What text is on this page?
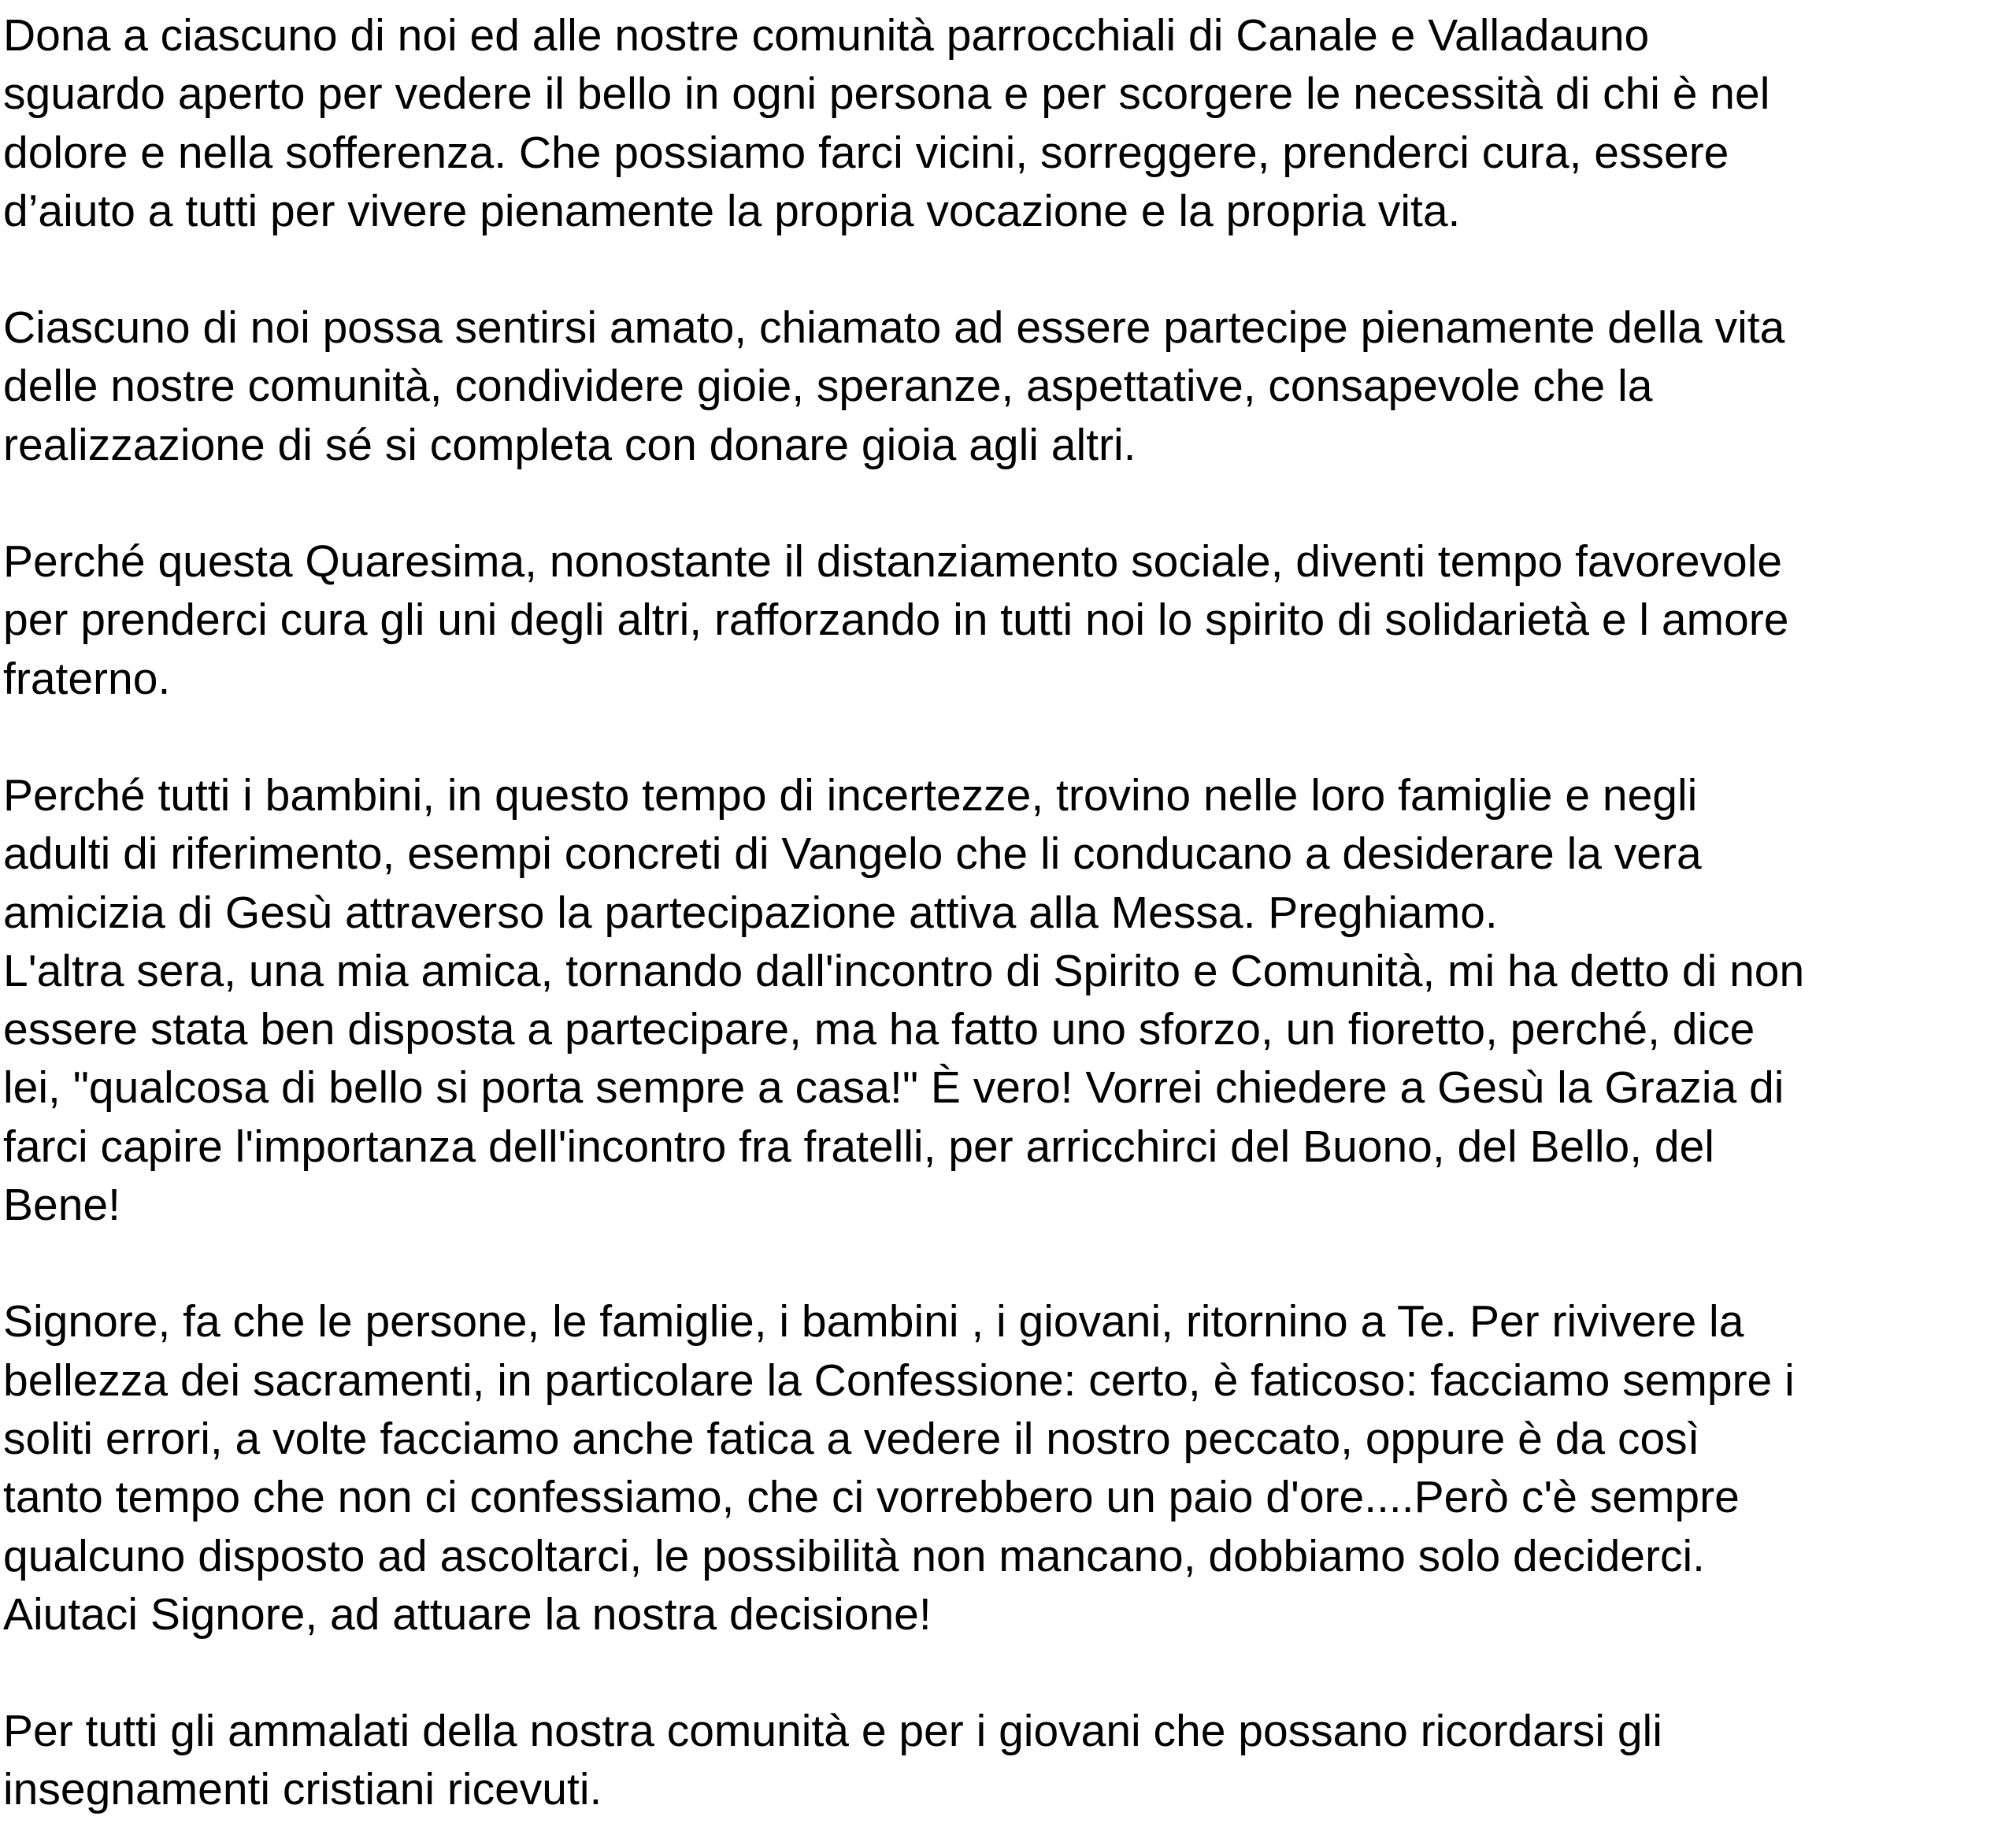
Dona a ciascuno di noi ed alle nostre comunità parrocchiali di Canale e Valladauno
sguardo aperto per vedere il bello in ogni persona e per scorgere le necessità di chi è nel
dolore e nella sofferenza. Che possiamo farci vicini, sorreggere, prenderci cura, essere
d’aiuto a tutti per vivere pienamente la propria vocazione e la propria vita.
Ciascuno di noi possa sentirsi amato, chiamato ad essere partecipe pienamente della vita
delle nostre comunità, condividere gioie, speranze, aspettative, consapevole che la
realizzazione di sé si completa con donare gioia agli altri.
Perché questa Quaresima, nonostante il distanziamento sociale, diventi tempo favorevole
per prenderci cura gli uni degli altri, rafforzando in tutti noi lo spirito di solidarietà e l amore
fraterno.
Perché tutti i bambini, in questo tempo di incertezze, trovino nelle loro famiglie e negli
adulti di riferimento, esempi concreti di Vangelo che li conducano a desiderare la vera
amicizia di Gesù attraverso la partecipazione attiva alla Messa. Preghiamo.
L'altra sera, una mia amica, tornando dall'incontro di Spirito e Comunità, mi ha detto di non
essere stata ben disposta a partecipare, ma ha fatto uno sforzo, un fioretto, perché, dice
lei, "qualcosa di bello si porta sempre a casa!" È vero! Vorrei chiedere a Gesù la Grazia di
farci capire l'importanza dell'incontro fra fratelli, per arricchirci del Buono, del Bello, del
Bene!
Signore, fa che le persone, le famiglie, i bambini , i giovani, ritornino a Te. Per rivivere la
bellezza dei sacramenti, in particolare la Confessione: certo, è faticoso: facciamo sempre i
soliti errori, a volte facciamo anche fatica a vedere il nostro peccato, oppure è da così
tanto tempo che non ci confessiamo, che ci vorrebbero un paio d'ore....Però c'è sempre
qualcuno disposto ad ascoltarci, le possibilità non mancano, dobbiamo solo deciderci.
Aiutaci Signore, ad attuare la nostra decisione!
Per tutti gli ammalati della nostra comunità e per i giovani che possano ricordarsi gli
insegnamenti cristiani ricevuti.
